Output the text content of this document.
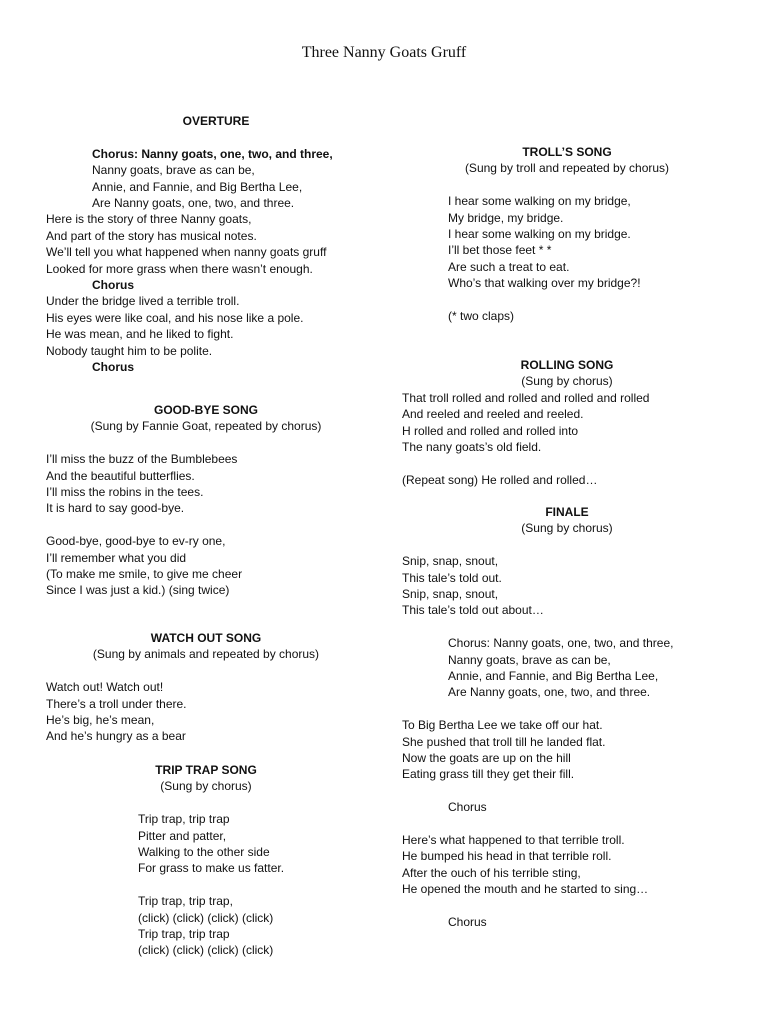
Three Nanny Goats Gruff
OVERTURE
Chorus: Nanny goats, one, two, and three,
Nanny goats, brave as can be,
Annie, and Fannie, and Big Bertha Lee,
Are Nanny goats, one, two, and three.
Here is the story of three Nanny goats,
And part of the story has musical notes.
We’ll tell you what happened when nanny goats gruff
Looked for more grass when there wasn’t enough.
Chorus
Under the bridge lived a terrible troll.
His eyes were like coal, and his nose like a pole.
He was mean, and he liked to fight.
Nobody taught him to be polite.
Chorus
GOOD-BYE SONG
(Sung by Fannie Goat, repeated by chorus)
I’ll miss the buzz of the Bumblebees
And the beautiful butterflies.
I’ll miss the robins in the tees.
It is hard to say good-bye.
Good-bye, good-bye to ev-ry one,
I’ll remember what you did
(To make me smile, to give me cheer
Since I was just a kid.) (sing twice)
WATCH OUT SONG
(Sung by animals and repeated by chorus)
Watch out! Watch out!
There’s a troll under there.
He’s big, he’s mean,
And he’s hungry as a bear
TRIP TRAP SONG
(Sung by chorus)
Trip trap, trip trap
Pitter and patter,
Walking to the other side
For grass to make us fatter.
Trip trap, trip trap,
(click) (click) (click) (click)
Trip trap, trip trap
(click) (click) (click) (click)
TROLL’S SONG
(Sung by troll and repeated by chorus)
I hear some walking on my bridge,
My bridge, my bridge.
I hear some walking on my bridge.
I’ll bet those feet * *
Are such a treat to eat.
Who’s that walking over my bridge?!
(* two claps)
ROLLING SONG
(Sung by chorus)
That troll rolled and rolled and rolled and rolled
And reeled and reeled and reeled.
H rolled and rolled and rolled into
The nany goats’s old field.
(Repeat song) He rolled and rolled…
FINALE
(Sung by chorus)
Snip, snap, snout,
This tale’s told out.
Snip, snap, snout,
This tale’s told out about…
Chorus: Nanny goats, one, two, and three,
Nanny goats, brave as can be,
Annie, and Fannie, and Big Bertha Lee,
Are Nanny goats, one, two, and three.
To Big Bertha Lee we take off our hat.
She pushed that troll till he landed flat.
Now the goats are up on the hill
Eating grass till they get their fill.
Chorus
Here’s what happened to that terrible troll.
He bumped his head in that terrible roll.
After the ouch of his terrible sting,
He opened the mouth and he started to sing…
Chorus
